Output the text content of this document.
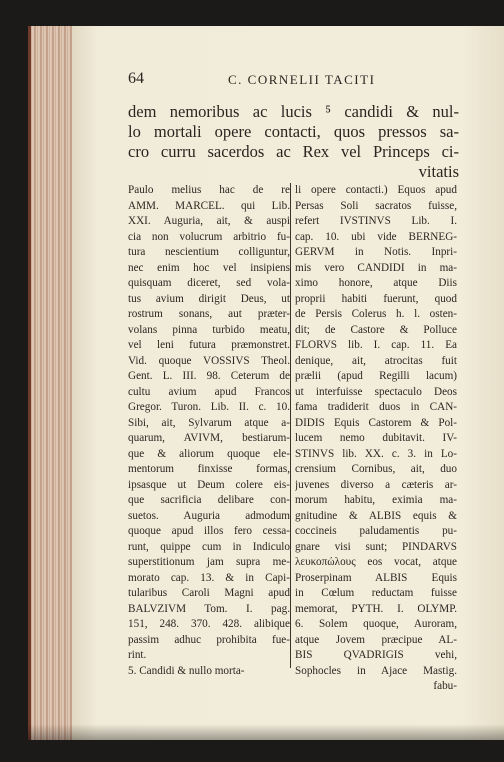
64	C. CORNELII TACITI
dem nemoribus ac lucis ⁵ candidi & nul-
lo mortali opere contacti, quos pressos sa-
cro curru sacerdos ac Rex vel Princeps ci-
vitatis
Paulo melius hac de re
AMM. MARCEL. qui Lib.
XXI. Auguria, ait, & auspi
cia non volucrum arbitrio fu-
tura nescientium colliguntur,
nec enim hoc vel insipiens
quisquam diceret, sed vola-
tus avium dirigit Deus, ut
rostrum sonans, aut præter-
volans pinna turbido meatu,
vel leni futura præmonstret.
Vid. quoque VOSSIVS Theol.
Gent. L. III. 98. Ceterum de
cultu avium apud Francos
Gregor. Turon. Lib. II. c. 10.
Sibi, ait, Sylvarum atque a-
quarum, AVIVM, bestiarum-
que & aliorum quoque ele-
mentorum finxisse formas,
ipsasque ut Deum colere eis-
que sacrificia delibare con-
suetos. Auguria admodum
quoque apud illos fero cessa-
runt, quippe cum in Indiculo
superstitionum jam supra me-
morato cap. 13. & in Capi-
tularibus Caroli Magni apud
BALVZIVM Tom. I. pag.
151, 248. 370. 428. alibique
passim adhuc prohibita fue-
rint.
5. Candidi & nullo morta-
li opere contacti.) Equos apud
Persas Soli sacratos fuisse,
refert IVSTINVS Lib. I.
cap. 10. ubi vide BERNEG-
GERVM in Notis. Inpri-
mis vero CANDIDI in ma-
ximo honore, atque Diis
proprii habiti fuerunt, quod
de Persis Colerus h. l. osten-
dit; de Castore & Polluce
FLORVS lib. I. cap. 11. Ea
denique, ait, atrocitas fuit
prælii (apud Regilli lacum)
ut interfuisse spectaculo Deos
fama tradiderit duos in CAN-
DIDIS Equis Castorem & Pol-
lucem nemo dubitavit. IV-
STINVS lib. XX. c. 3. in Lo-
crensium Cornibus, ait, duo
juvenes diverso a cæteris ar-
morum habitu, eximia ma-
gnitudine & ALBIS equis &
coccineis paludamentis pu-
gnare visi sunt; PINDARVS
λευκοπώλους eos vocat, atque
Proserpinam ALBIS Equis
in Cœlum reductam fuisse
memorat, PYTH. I. OLYMP.
6. Solem quoque, Auroram,
atque Jovem præcipue AL-
BIS QVADRIGIS vehi,
Sophocles in Ajace Mastig.
fabu-
